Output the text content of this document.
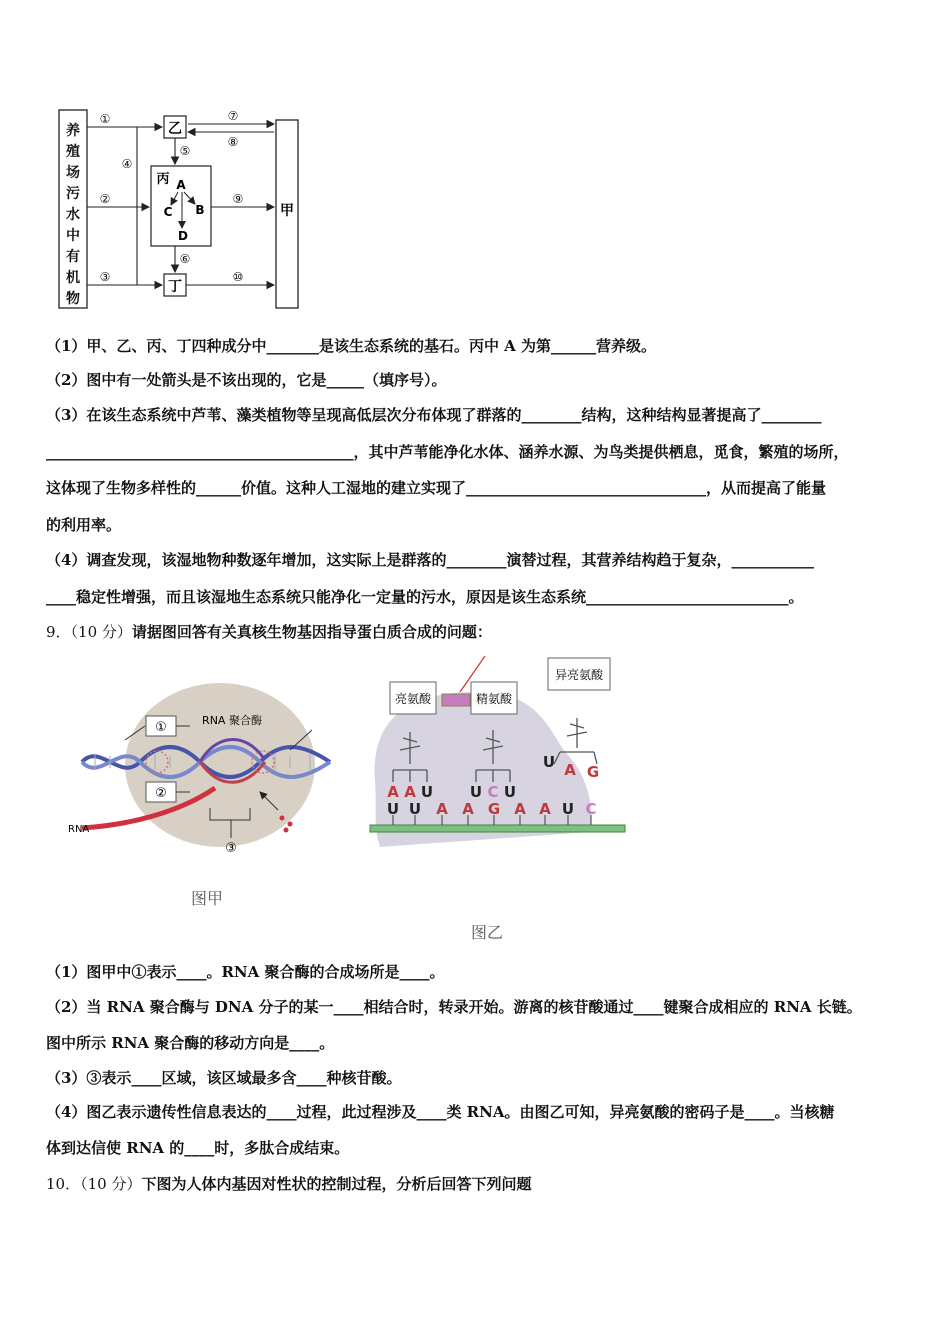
养
殖
场
污
水
中
有
机
物
甲
乙
丙 A
C B
D
丁
①
②
③
④
⑤
⑥
⑦
⑧
⑨
⑩
（1）甲、乙、丙、丁四种成分中_______是该生态系统的基石。丙中 A 为第______营养级。
（2）图中有一处箭头是不该出现的，它是_____（填序号）。
（3）在该生态系统中芦苇、藻类植物等呈现高低层次分布体现了群落的________结构，这种结构显著提高了________
_________________________________________，其中芦苇能净化水体、涵养水源、为鸟类提供栖息，觅食，繁殖的场所，
这体现了生物多样性的______价值。这种人工湿地的建立实现了________________________________，从而提高了能量
的利用率。
（4）调查发现，该湿地物种数逐年增加，这实际上是群落的________演替过程，其营养结构趋于复杂，___________
____稳定性增强，而且该湿地生态系统只能净化一定量的污水，原因是该生态系统___________________________。
9．（10 分）请据图回答有关真核生物基因指导蛋白质合成的问题：
①
②
③
RNA 聚合酶
RNA
图甲
亮氨酸	精氨酸
异亮氨酸
A A U U C U
U A G
U U A A G A A U C
图乙
（1）图甲中①表示____。RNA 聚合酶的合成场所是____。
（2）当 RNA 聚合酶与 DNA 分子的某一____相结合时，转录开始。游离的核苷酸通过____键聚合成相应的 RNA 长链。
图中所示 RNA 聚合酶的移动方向是____。
（3）③表示____区域，该区域最多含____种核苷酸。
（4）图乙表示遗传性信息表达的____过程，此过程涉及____类 RNA。由图乙可知，异亮氨酸的密码子是____。当核糖
体到达信使 RNA 的____时，多肽合成结束。
10．（10 分）下图为人体内基因对性状的控制过程，分析后回答下列问题
